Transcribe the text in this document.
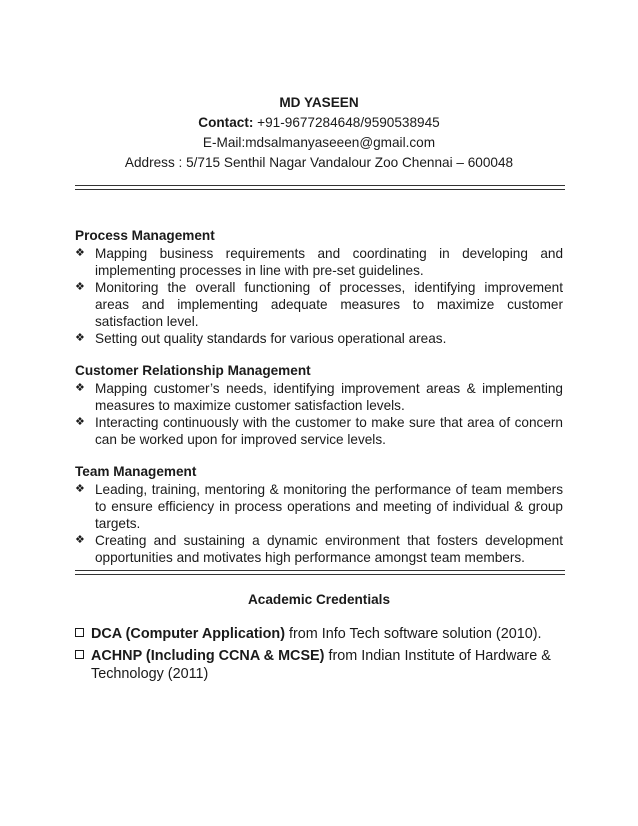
MD YASEEN
Contact: +91-9677284648/9590538945
E-Mail:mdsalmanyaseeen@gmail.com
Address : 5/715 Senthil Nagar Vandalour Zoo Chennai – 600048
Process Management
❖ Mapping business requirements and coordinating in developing and implementing processes in line with pre-set guidelines.
❖ Monitoring the overall functioning of processes, identifying improvement areas and implementing adequate measures to maximize customer satisfaction level.
❖ Setting out quality standards for various operational areas.
Customer Relationship Management
❖ Mapping customer’s needs, identifying improvement areas & implementing measures to maximize customer satisfaction levels.
❖ Interacting continuously with the customer to make sure that area of concern can be worked upon for improved service levels.
Team Management
❖ Leading, training, mentoring & monitoring the performance of team members to ensure efficiency in process operations and meeting of individual & group targets.
❖ Creating and sustaining a dynamic environment that fosters development opportunities and motivates high performance amongst team members.
Academic Credentials
DCA (Computer Application) from Info Tech software solution (2010).
ACHNP (Including CCNA & MCSE) from Indian Institute of Hardware & Technology (2011)
